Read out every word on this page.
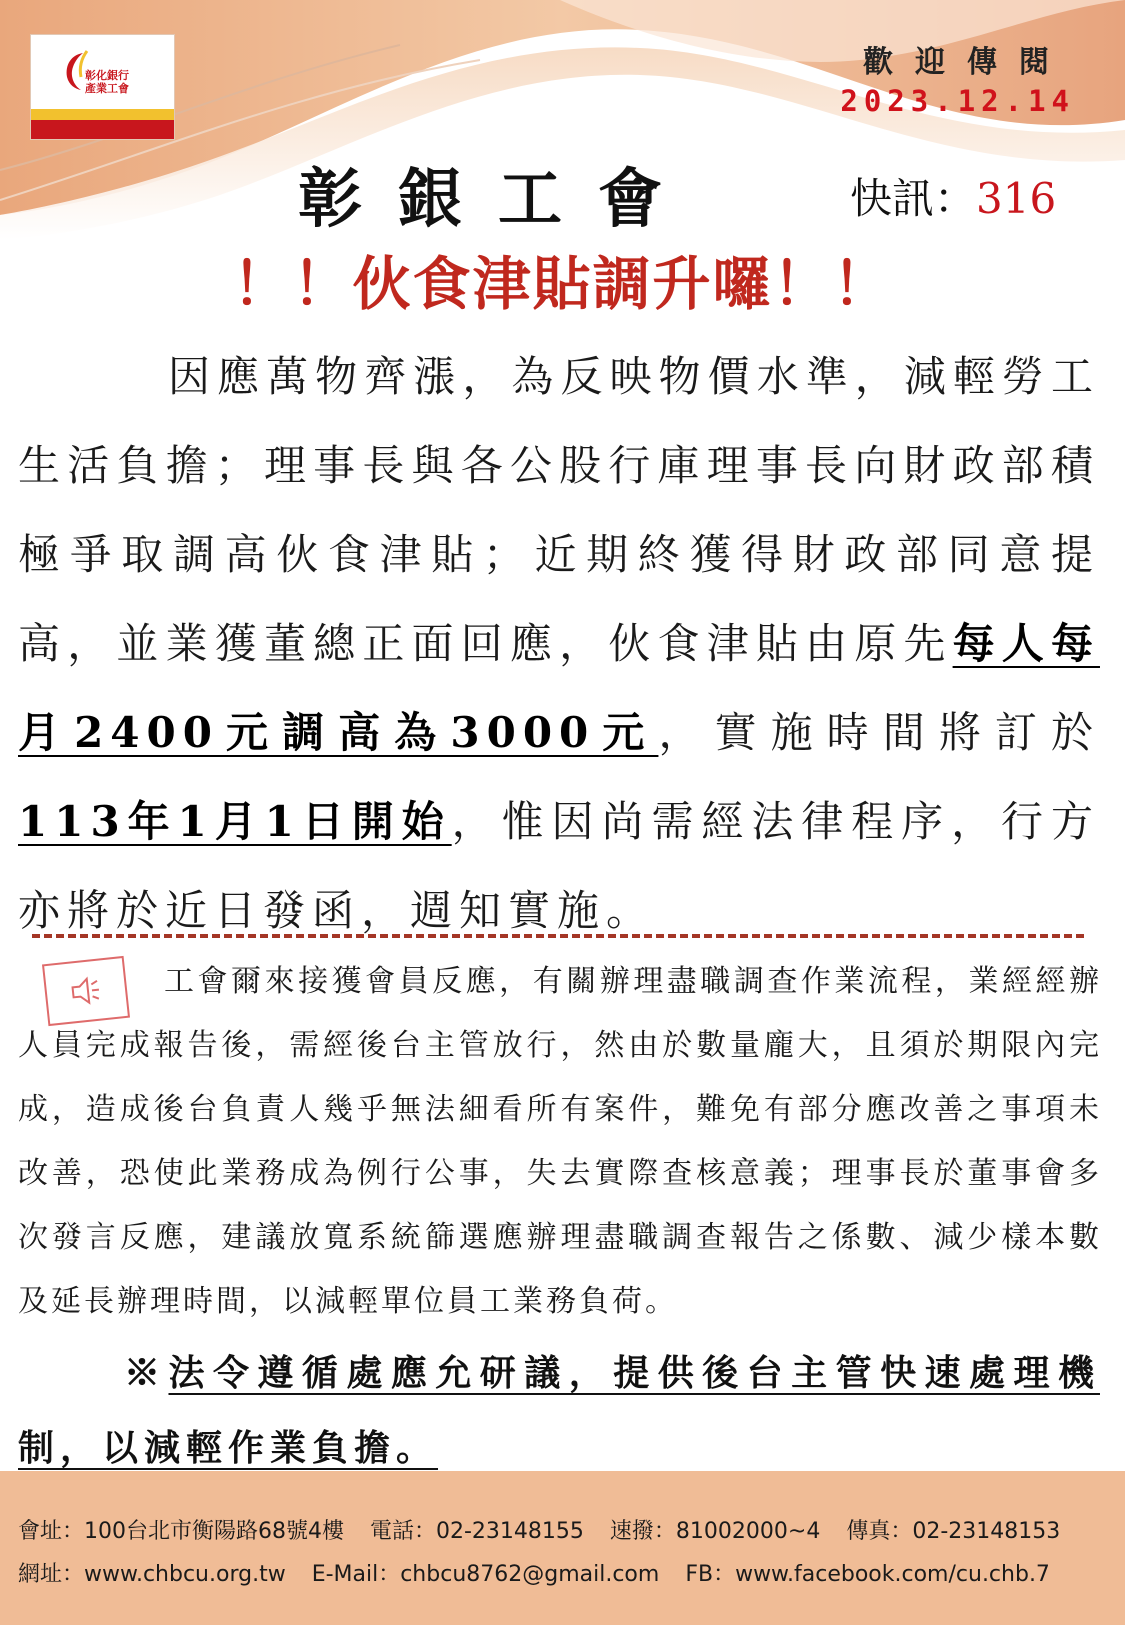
彰化銀行
產業工會
歡迎傳閱
2023.12.14
彰銀工會	快訊：316
！！伙食津貼調升囉！！

因應萬物齊漲，為反映物價水準，減輕勞工生活負擔；理事長與各公股行庫理事長向財政部積極爭取調高伙食津貼；近期終獲得財政部同意提高，並業獲董總正面回應，伙食津貼由原先每人每月2400元調高為3000元，實施時間將訂於113年1月1日開始，惟因尚需經法律程序，行方亦將於近日發函，週知實施。

工會爾來接獲會員反應，有關辦理盡職調查作業流程，業經經辦人員完成報告後，需經後台主管放行，然由於數量龐大，且須於期限內完成，造成後台負責人幾乎無法細看所有案件，難免有部分應改善之事項未改善，恐使此業務成為例行公事，失去實際查核意義；理事長於董事會多次發言反應，建議放寬系統篩選應辦理盡職調查報告之係數、減少樣本數及延長辦理時間，以減輕單位員工業務負荷。

※法令遵循處應允研議，提供後台主管快速處理機制，以減輕作業負擔。

會址：100台北市衡陽路68號4樓 電話：02-23148155 速撥：81002000~4 傳真：02-23148153
網址：www.chbcu.org.tw E-Mail：chbcu8762@gmail.com FB：www.facebook.com/cu.chb.7
